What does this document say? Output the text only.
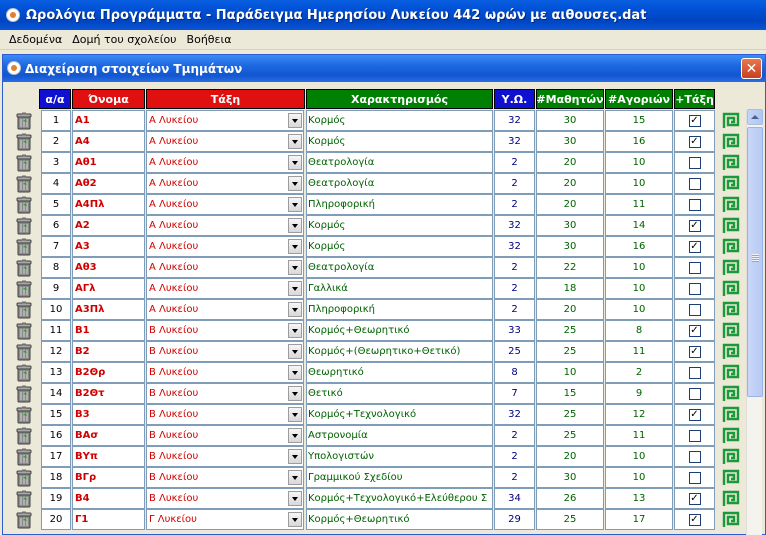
Ωρολόγια Προγράμματα - Παράδειγμα Ημερησίου Λυκείου 442 ωρών με αιθουσες.dat
Δεδομένα Δομή του σχολείου Βοήθεια
Διαχείριση στοιχείων Τμημάτων	✕
α/α	Όνομα	Τάξη	Χαρακτηρισμός	Υ.Ω. #Μαθητών #Αγοριών +Τάξη
1	Α1	Α Λυκείου	Κορμός	32	30	15	✓
2	Α4	Α Λυκείου	Κορμός	32	30	16	✓
3	Αθ1	Α Λυκείου	Θεατρολογία	2	20	10
4	Αθ2	Α Λυκείου	Θεατρολογία	2	20	10
5	Α4Πλ	Α Λυκείου	Πληροφορική	2	20	11
6	Α2	Α Λυκείου	Κορμός	32	30	14	✓
7	Α3	Α Λυκείου	Κορμός	32	30	16	✓
8	Αθ3	Α Λυκείου	Θεατρολογία	2	22	10
9	ΑΓλ	Α Λυκείου	Γαλλικά	2	18	10
10	Α3Πλ	Α Λυκείου	Πληροφορική	2	20	10
11	Β1	Β Λυκείου	Κορμός+Θεωρητικό	33	25	8	✓
12	Β2	Β Λυκείου	Κορμός+(Θεωρητικο+Θετικό)	25	25	11	✓
13	Β2Θρ	Β Λυκείου	Θεωρητικό	8	10	2
14	Β2Θτ	Β Λυκείου	Θετικό	7	15	9
15	Β3	Β Λυκείου	Κορμός+Τεχνολογικό	32	25	12	✓
16	ΒΑσ	Β Λυκείου	Αστρονομία	2	25	11
17	ΒΥπ	Β Λυκείου	Υπολογιστών	2	20	10
18	ΒΓρ	Β Λυκείου	Γραμμικού Σχεδίου	2	30	10
19	Β4	Β Λυκείου	Κορμός+Τεχνολογικό+Ελεύθερου Σ	34	26	13	✓
20	Γ1	Γ Λυκείου	Κορμός+Θεωρητικό	29	25	17	✓
